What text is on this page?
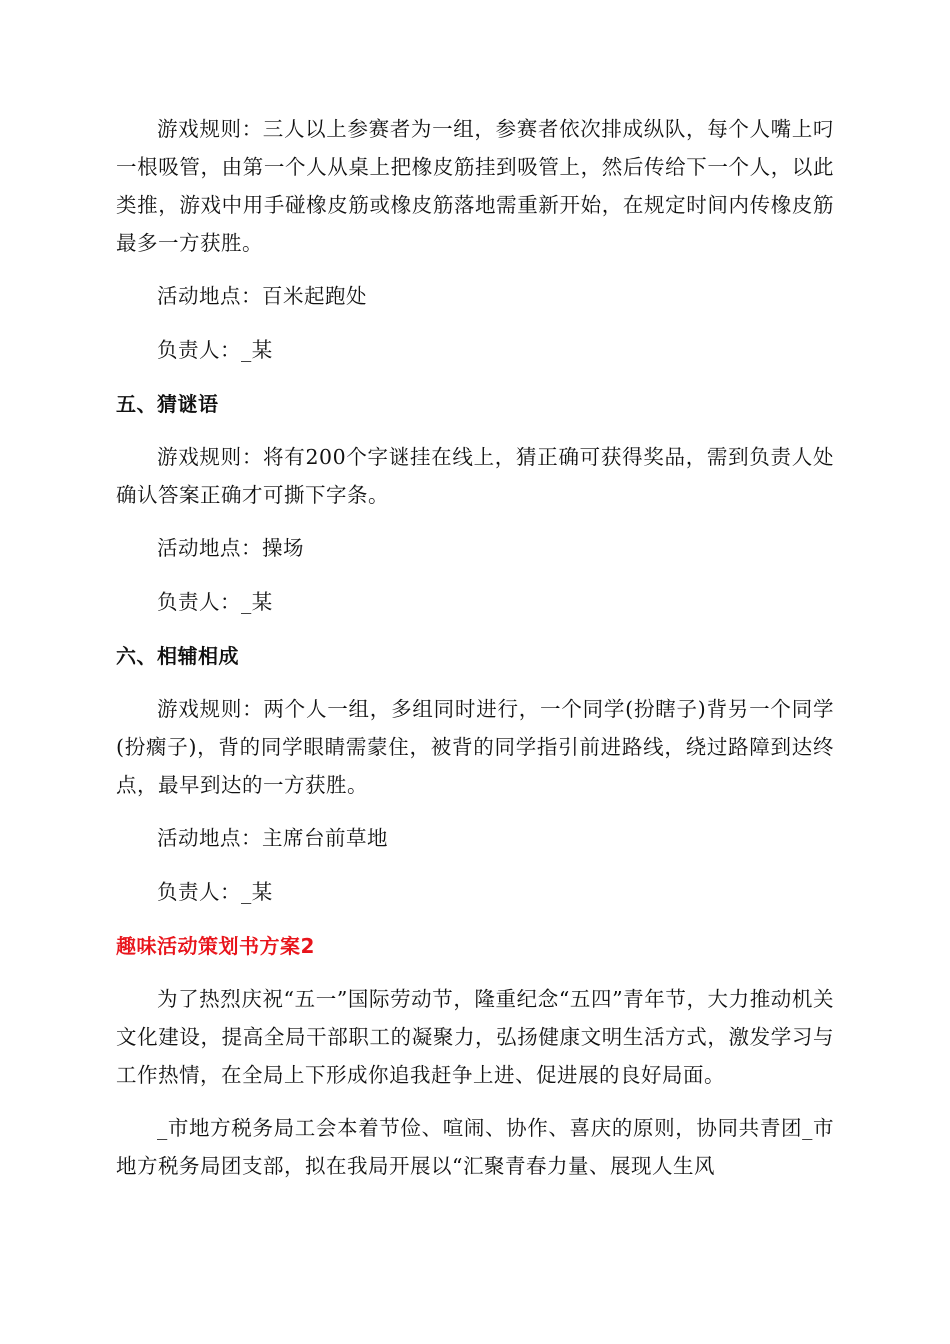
游戏规则：三人以上参赛者为一组，参赛者依次排成纵队，每个人嘴上叼一根吸管，由第一个人从桌上把橡皮筋挂到吸管上，然后传给下一个人，以此类推，游戏中用手碰橡皮筋或橡皮筋落地需重新开始，在规定时间内传橡皮筋最多一方获胜。

活动地点：百米起跑处

负责人：_某

五、猜谜语

游戏规则：将有200个字谜挂在线上，猜正确可获得奖品，需到负责人处确认答案正确才可撕下字条。

活动地点：操场

负责人：_某

六、相辅相成

游戏规则：两个人一组，多组同时进行，一个同学(扮瞎子)背另一个同学(扮瘸子)，背的同学眼睛需蒙住，被背的同学指引前进路线，绕过路障到达终点，最早到达的一方获胜。

活动地点：主席台前草地

负责人：_某

趣味活动策划书方案2

为了热烈庆祝“五一”国际劳动节，隆重纪念“五四”青年节，大力推动机关文化建设，提高全局干部职工的凝聚力，弘扬健康文明生活方式，激发学习与工作热情，在全局上下形成你追我赶争上进、促进展的良好局面。

_市地方税务局工会本着节俭、喧闹、协作、喜庆的原则，协同共青团_市地方税务局团支部，拟在我局开展以“汇聚青春力量、展现人生风
